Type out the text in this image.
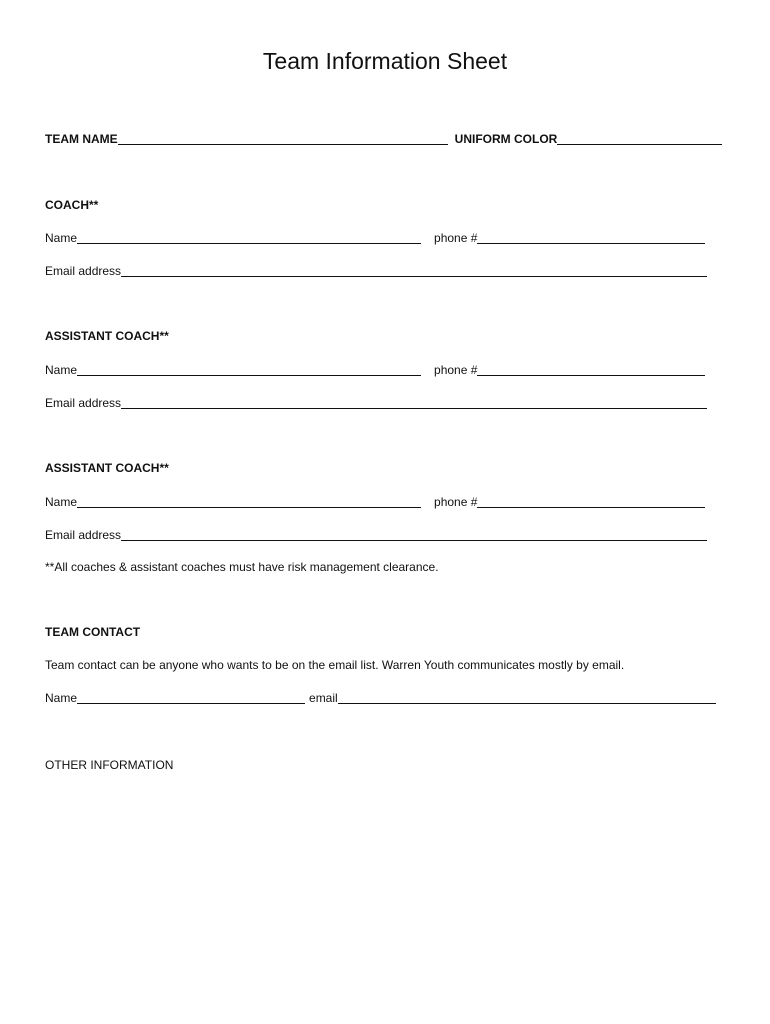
Team Information Sheet
TEAM NAME	UNIFORM COLOR
COACH**
Name	phone #
Email address
ASSISTANT COACH**
Name	phone #
Email address
ASSISTANT COACH**
Name	phone #
Email address
**All coaches & assistant coaches must have risk management clearance.
TEAM CONTACT
Team contact can be anyone who wants to be on the email list. Warren Youth communicates mostly by email.
Name	email
OTHER INFORMATION
